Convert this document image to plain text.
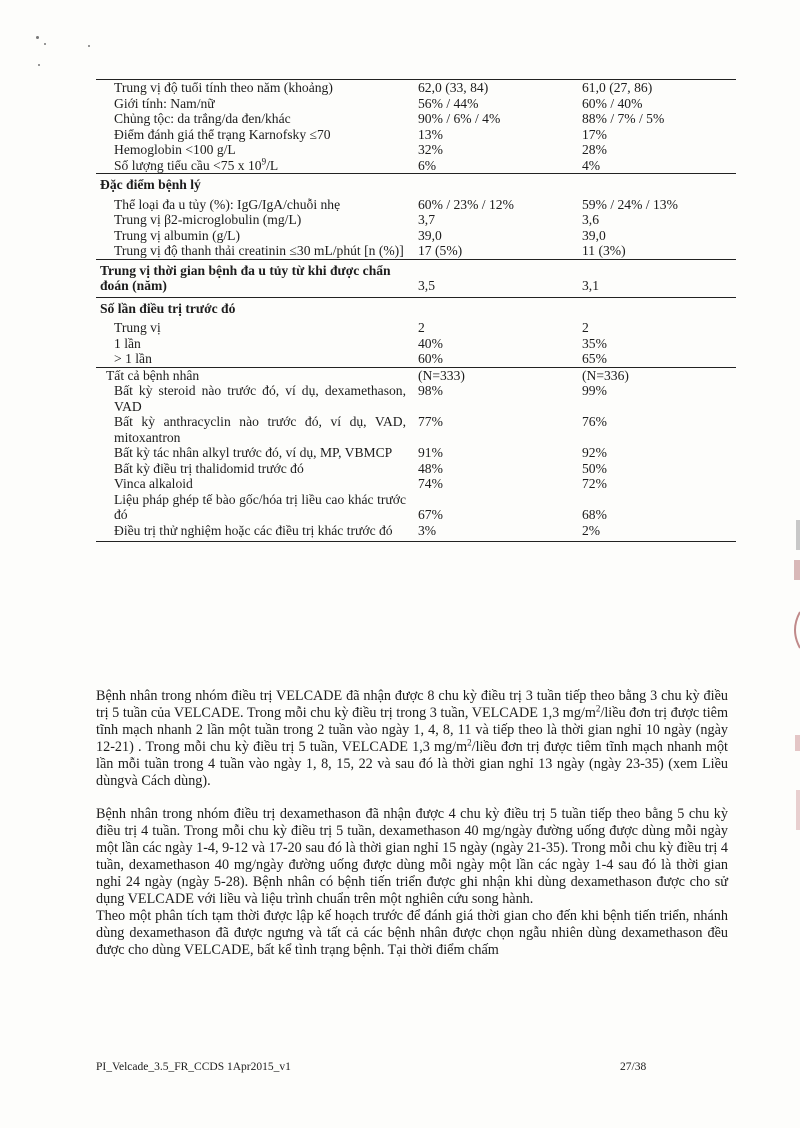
Trung vị độ tuổi tính theo năm (khoảng)	62,0 (33, 84)	61,0 (27, 86)
Giới tính: Nam/nữ	56% / 44%	60% / 40%
Chủng tộc: da trắng/da đen/khác	90% / 6% / 4%	88% / 7% / 5%
Điểm đánh giá thể trạng Karnofsky ≤70	13%	17%
Hemoglobin <100 g/L	32%	28%
Số lượng tiểu cầu <75 x $10^9/L$	6%	4%
Đặc điểm bệnh lý		
Thể loại đa u tủy (%): IgG/IgA/chuỗi nhẹ	60% / 23% / 12%	59% / 24% / 13%
Trung vị β2-microglobulin (mg/L)	3,7	3,6
Trung vị albumin (g/L)	39,0	39,0
Trung vị độ thanh thải creatinin ≤30 mL/phút [n (%)]	17 (5%)	11 (3%)
Trung vị thời gian bệnh đa u tủy từ khi được chẩn đoán (năm)	3,5	3,1
Số lần điều trị trước đó		
Trung vị	2	2
1 lần	40%	35%
> 1 lần	60%	65%
Tất cả bệnh nhân	(N=333)	(N=336)
Bất kỳ steroid nào trước đó, ví dụ, dexamethason, VAD	98%	99%
Bất kỳ anthracyclin nào trước đó, ví dụ, VAD, mitoxantron	77%	76%
Bất kỳ tác nhân alkyl trước đó, ví dụ, MP, VBMCP	91%	92%
Bất kỳ điều trị thalidomid trước đó	48%	50%
Vinca alkaloid	74%	72%
Liệu pháp ghép tế bào gốc/hóa trị liều cao khác trước đó	67%	68%
Điều trị thử nghiệm hoặc các điều trị khác trước đó	3%	2%

Bệnh nhân trong nhóm điều trị VELCADE đã nhận được 8 chu kỳ điều trị 3 tuần tiếp theo bằng 3 chu kỳ điều trị 5 tuần của VELCADE. Trong mỗi chu kỳ điều trị trong 3 tuần, VELCADE 1,3 $mg/m^2$/liều đơn trị được tiêm tĩnh mạch nhanh 2 lần một tuần trong 2 tuần vào ngày 1, 4, 8, 11 và tiếp theo là thời gian nghỉ 10 ngày (ngày 12-21) . Trong mỗi chu kỳ điều trị 5 tuần, VELCADE 1,3 $mg/m^2$/liều đơn trị được tiêm tĩnh mạch nhanh một lần mỗi tuần trong 4 tuần vào ngày 1, 8, 15, 22 và sau đó là thời gian nghỉ 13 ngày (ngày 23-35) (xem Liều dùngvà Cách dùng).

Bệnh nhân trong nhóm điều trị dexamethason đã nhận được 4 chu kỳ điều trị 5 tuần tiếp theo bằng 5 chu kỳ điều trị 4 tuần. Trong mỗi chu kỳ điều trị 5 tuần, dexamethason 40 mg/ngày đường uống được dùng mỗi ngày một lần các ngày 1-4, 9-12 và 17-20 sau đó là thời gian nghỉ 15 ngày (ngày 21-35). Trong mỗi chu kỳ điều trị 4 tuần, dexamethason 40 mg/ngày đường uống được dùng mỗi ngày một lần các ngày 1-4 sau đó là thời gian nghỉ 24 ngày (ngày 5-28). Bệnh nhân có bệnh tiến triển được ghi nhận khi dùng dexamethason được cho sử dụng VELCADE với liều và liệu trình chuẩn trên một nghiên cứu song hành.

Theo một phân tích tạm thời được lập kế hoạch trước để đánh giá thời gian cho đến khi bệnh tiến triển, nhánh dùng dexamethason đã được ngưng và tất cả các bệnh nhân được chọn ngẫu nhiên dùng dexamethason đều được cho dùng VELCADE, bất kể tình trạng bệnh. Tại thời điểm chấm

PI_Velcade_3.5_FR_CCDS 1Apr2015_v1	27/38
